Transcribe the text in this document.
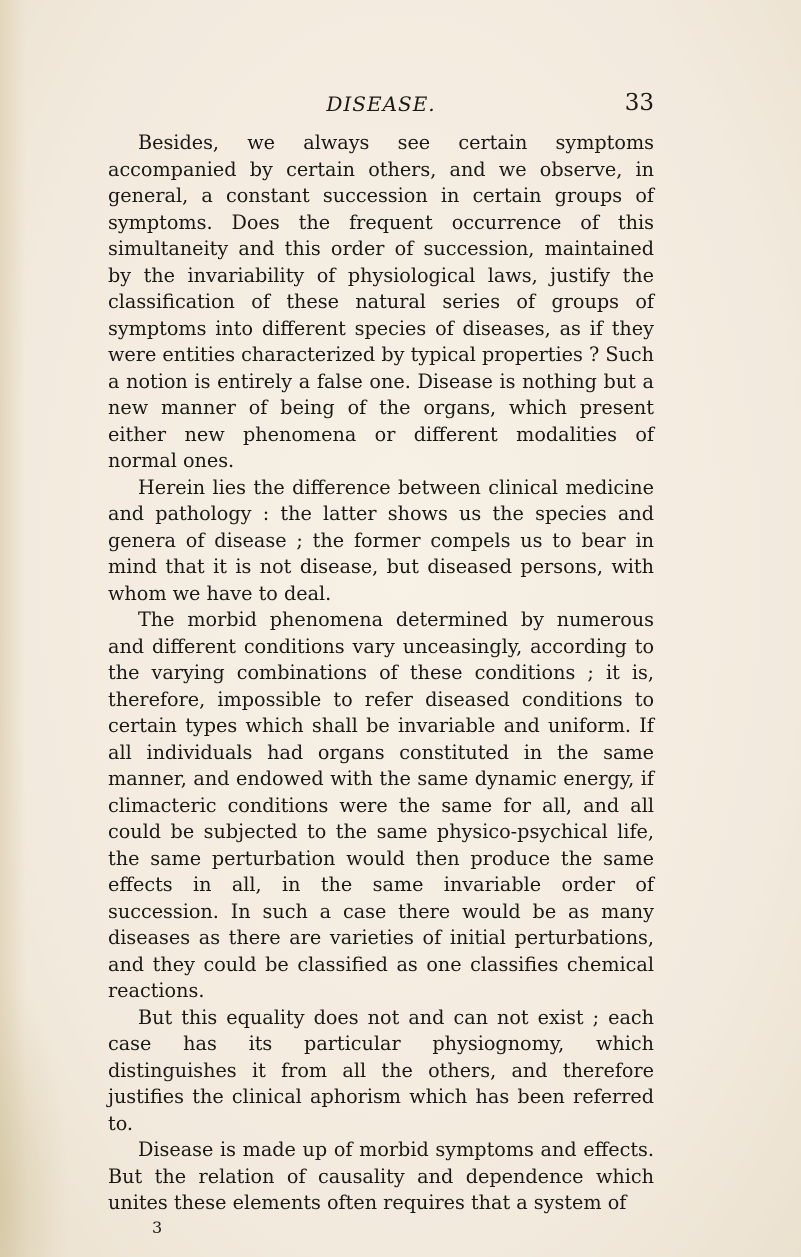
DISEASE.	33

Besides, we always see certain symptoms accompanied by certain others, and we observe, in general, a constant succession in certain groups of symptoms. Does the frequent occurrence of this simultaneity and this order of succession, maintained by the invariability of physiological laws, justify the classification of these natural series of groups of symptoms into different species of diseases, as if they were entities characterized by typical properties ? Such a notion is entirely a false one. Disease is nothing but a new manner of being of the organs, which present either new phenomena or different modalities of normal ones.

Herein lies the difference between clinical medicine and pathology : the latter shows us the species and genera of disease ; the former compels us to bear in mind that it is not disease, but diseased persons, with whom we have to deal.

The morbid phenomena determined by numerous and different conditions vary unceasingly, according to the varying combinations of these conditions ; it is, therefore, impossible to refer diseased conditions to certain types which shall be invariable and uniform. If all individuals had organs constituted in the same manner, and endowed with the same dynamic energy, if climacteric conditions were the same for all, and all could be subjected to the same physico-psychical life, the same perturbation would then produce the same effects in all, in the same invariable order of succession. In such a case there would be as many diseases as there are varieties of initial perturbations, and they could be classified as one classifies chemical reactions.

But this equality does not and can not exist ; each case has its particular physiognomy, which distinguishes it from all the others, and therefore justifies the clinical aphorism which has been referred to.

Disease is made up of morbid symptoms and effects. But the relation of causality and dependence which unites these elements often requires that a system of

3
